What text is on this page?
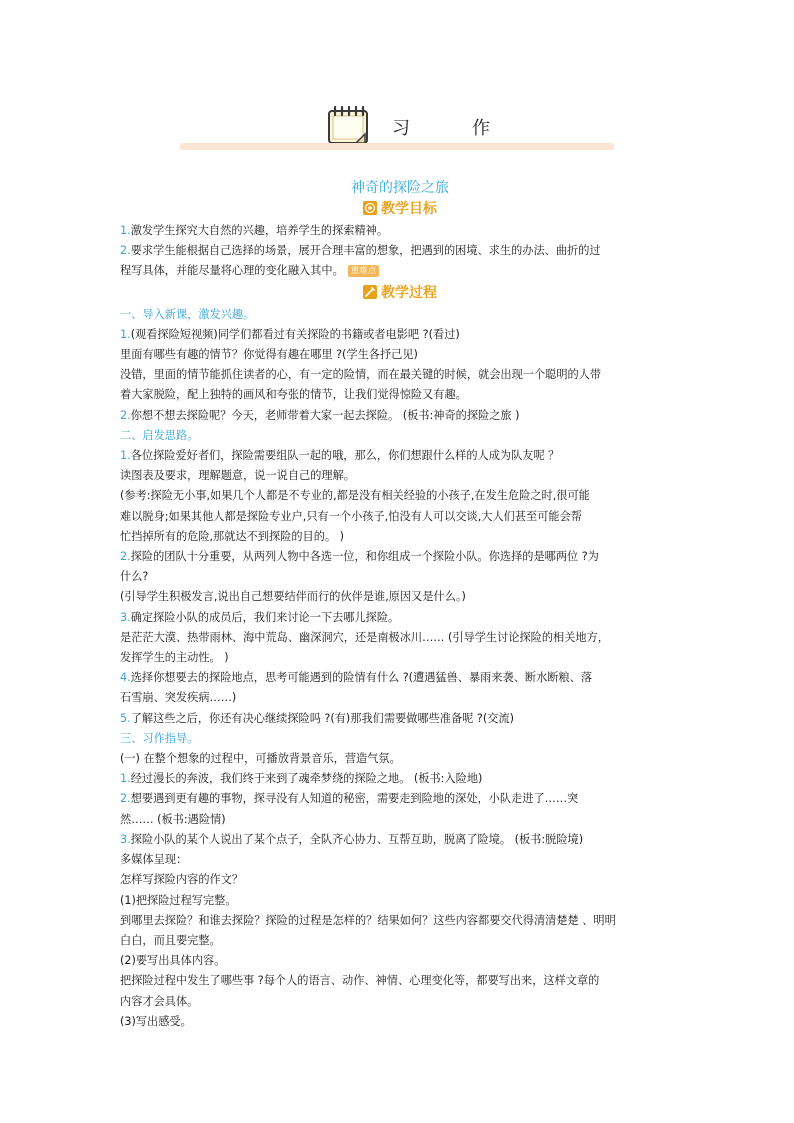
习　作
神奇的探险之旅
教学目标

1.激发学生探究大自然的兴趣，培养学生的探索精神。

2.要求学生能根据自己选择的场景，展开合理丰富的想象，把遇到的困境、求生的办法、曲折的过

程写具体，并能尽量将心理的变化融入其中。 重难点

教学过程

一、导入新课，激发兴趣。

1.(观看探险短视频)同学们都看过有关探险的书籍或者电影吧 ?(看过)

里面有哪些有趣的情节？你觉得有趣在哪里 ?(学生各抒己见)

没错，里面的情节能抓住读者的心，有一定的险情，而在最关键的时候，就会出现一个聪明的人带

着大家脱险，配上独特的画风和夸张的情节，让我们觉得惊险又有趣。

2.你想不想去探险呢？今天，老师带着大家一起去探险。 (板书:神奇的探险之旅 )

二、启发思路。

1.各位探险爱好者们，探险需要组队一起的哦，那么，你们想跟什么样的人成为队友呢 ？

读图表及要求，理解题意，说一说自己的理解。

(参考:探险无小事,如果几个人都是不专业的,都是没有相关经验的小孩子,在发生危险之时,很可能

难以脱身;如果其他人都是探险专业户,只有一个小孩子,怕没有人可以交谈,大人们甚至可能会帮

忙挡掉所有的危险,那就达不到探险的目的。 )

2.探险的团队十分重要，从两列人物中各选一位，和你组成一个探险小队。你选择的是哪两位 ?为

什么?

(引导学生积极发言,说出自己想要结伴而行的伙伴是谁,原因又是什么。)

3.确定探险小队的成员后，我们来讨论一下去哪儿探险。

是茫茫大漠、热带雨林、海中荒岛、幽深洞穴，还是南极冰川…… (引导学生讨论探险的相关地方，

发挥学生的主动性。 )

4.选择你想要去的探险地点，思考可能遇到的险情有什么 ?(遭遇猛兽、暴雨来袭、断水断粮、落

石雪崩、突发疾病……)

5.了解这些之后，你还有决心继续探险吗 ?(有)那我们需要做哪些准备呢 ?(交流)

三、习作指导。

(一) 在整个想象的过程中，可播放背景音乐，营造气氛。

1.经过漫长的奔波，我们终于来到了魂牵梦绕的探险之地。 (板书:入险地)

2.想要遇到更有趣的事物，探寻没有人知道的秘密，需要走到险地的深处，小队走进了……突

然…… (板书:遇险情)

3.探险小队的某个人说出了某个点子，全队齐心协力、互帮互助，脱离了险境。 (板书:脱险境)

多媒体呈现：

怎样写探险内容的作文？

(1)把探险过程写完整。

到哪里去探险？和谁去探险？探险的过程是怎样的？结果如何？这些内容都要交代得清清楚楚 、明明

白白，而且要完整。

(2)要写出具体内容。

把探险过程中发生了哪些事 ?每个人的语言、动作、神情、心理变化等，都要写出来，这样文章的

内容才会具体。

(3)写出感受。
